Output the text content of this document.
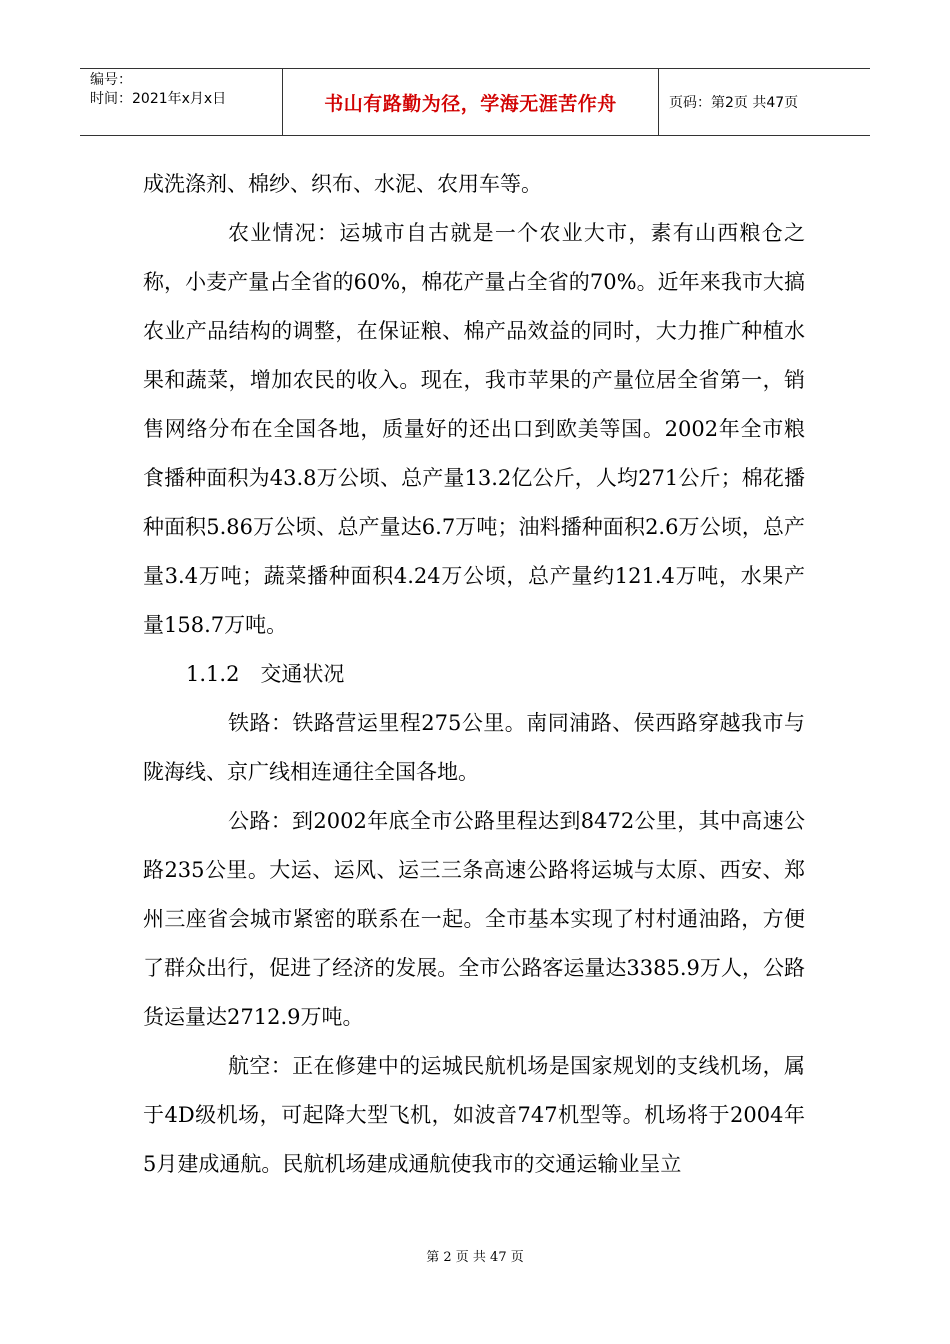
编号：
时间：2021年x月x日	书山有路勤为径，学海无涯苦作舟	页码：第2页 共47页

成洗涤剂、棉纱、织布、水泥、农用车等。

农业情况：运城市自古就是一个农业大市，素有山西粮仓之称，小麦产量占全省的60%，棉花产量占全省的70%。近年来我市大搞农业产品结构的调整，在保证粮、棉产品效益的同时，大力推广种植水果和蔬菜，增加农民的收入。现在，我市苹果的产量位居全省第一，销售网络分布在全国各地，质量好的还出口到欧美等国。2002年全市粮食播种面积为43.8万公顷、总产量13.2亿公斤，人均271公斤；棉花播种面积5.86万公顷、总产量达6.7万吨；油料播种面积2.6万公顷，总产量3.4万吨；蔬菜播种面积4.24万公顷，总产量约121.4万吨，水果产量158.7万吨。

1.1.2　交通状况

铁路：铁路营运里程275公里。南同浦路、侯西路穿越我市与陇海线、京广线相连通往全国各地。

公路：到2002年底全市公路里程达到8472公里，其中高速公路235公里。大运、运风、运三三条高速公路将运城与太原、西安、郑州三座省会城市紧密的联系在一起。全市基本实现了村村通油路，方便了群众出行，促进了经济的发展。全市公路客运量达3385.9万人，公路货运量达2712.9万吨。

航空：正在修建中的运城民航机场是国家规划的支线机场，属于4D级机场，可起降大型飞机，如波音747机型等。机场将于2004年5月建成通航。民航机场建成通航使我市的交通运输业呈立

第 2 页 共 47 页
